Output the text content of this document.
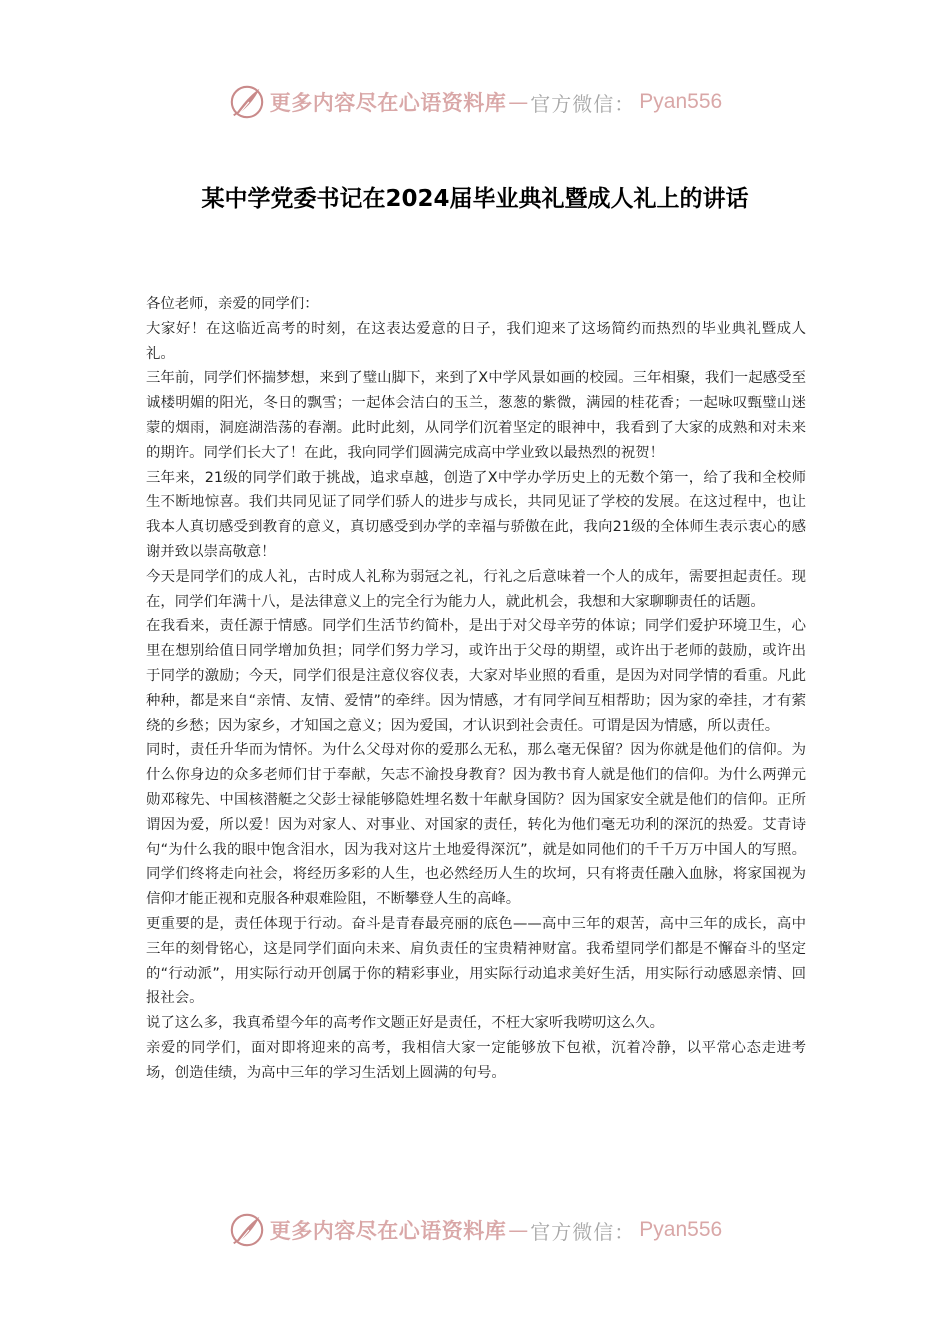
更多内容尽在心语资料库 — 官方微信： Pyan556
某中学党委书记在2024届毕业典礼暨成人礼上的讲话

各位老师，亲爱的同学们：

大家好！在这临近高考的时刻，在这表达爱意的日子，我们迎来了这场简约而热烈的毕业典礼暨成人礼。

三年前，同学们怀揣梦想，来到了璧山脚下，来到了X中学风景如画的校园。三年相聚，我们一起感受至诚楼明媚的阳光，冬日的飘雪；一起体会洁白的玉兰，葱葱的紫微，满园的桂花香；一起咏叹甄璧山迷蒙的烟雨，洞庭湖浩荡的春潮。此时此刻，从同学们沉着坚定的眼神中，我看到了大家的成熟和对未来的期许。同学们长大了！在此，我向同学们圆满完成高中学业致以最热烈的祝贺！

三年来，21级的同学们敢于挑战，追求卓越，创造了X中学办学历史上的无数个第一，给了我和全校师生不断地惊喜。我们共同见证了同学们骄人的进步与成长，共同见证了学校的发展。在这过程中，也让我本人真切感受到教育的意义，真切感受到办学的幸福与骄傲在此，我向21级的全体师生表示衷心的感谢并致以崇高敬意！

今天是同学们的成人礼，古时成人礼称为弱冠之礼，行礼之后意味着一个人的成年，需要担起责任。现在，同学们年满十八，是法律意义上的完全行为能力人，就此机会，我想和大家聊聊责任的话题。

在我看来，责任源于情感。同学们生活节约简朴，是出于对父母辛劳的体谅；同学们爱护环境卫生，心里在想别给值日同学增加负担；同学们努力学习，或许出于父母的期望，或许出于老师的鼓励，或许出于同学的激励；今天，同学们很是注意仪容仪表，大家对毕业照的看重，是因为对同学情的看重。凡此种种，都是来自“亲情、友情、爱情”的牵绊。因为情感，才有同学间互相帮助；因为家的牵挂，才有萦绕的乡愁；因为家乡，才知国之意义；因为爱国，才认识到社会责任。可谓是因为情感，所以责任。

同时，责任升华而为情怀。为什么父母对你的爱那么无私，那么毫无保留？因为你就是他们的信仰。为什么你身边的众多老师们甘于奉献，矢志不渝投身教育？因为教书育人就是他们的信仰。为什么两弹元勋邓稼先、中国核潜艇之父彭士禄能够隐姓埋名数十年献身国防？因为国家安全就是他们的信仰。正所谓因为爱，所以爱！因为对家人、对事业、对国家的责任，转化为他们毫无功利的深沉的热爱。艾青诗句“为什么我的眼中饱含泪水，因为我对这片土地爱得深沉”，就是如同他们的千千万万中国人的写照。同学们终将走向社会，将经历多彩的人生，也必然经历人生的坎坷，只有将责任融入血脉，将家国视为信仰才能正视和克服各种艰难险阻，不断攀登人生的高峰。

更重要的是，责任体现于行动。奋斗是青春最亮丽的底色——高中三年的艰苦，高中三年的成长，高中三年的刻骨铭心，这是同学们面向未来、肩负责任的宝贵精神财富。我希望同学们都是不懈奋斗的坚定的“行动派”，用实际行动开创属于你的精彩事业，用实际行动追求美好生活，用实际行动感恩亲情、回报社会。

说了这么多，我真希望今年的高考作文题正好是责任，不枉大家听我唠叨这么久。

亲爱的同学们，面对即将迎来的高考，我相信大家一定能够放下包袱，沉着冷静，以平常心态走进考场，创造佳绩，为高中三年的学习生活划上圆满的句号。

更多内容尽在心语资料库 — 官方微信： Pyan556
